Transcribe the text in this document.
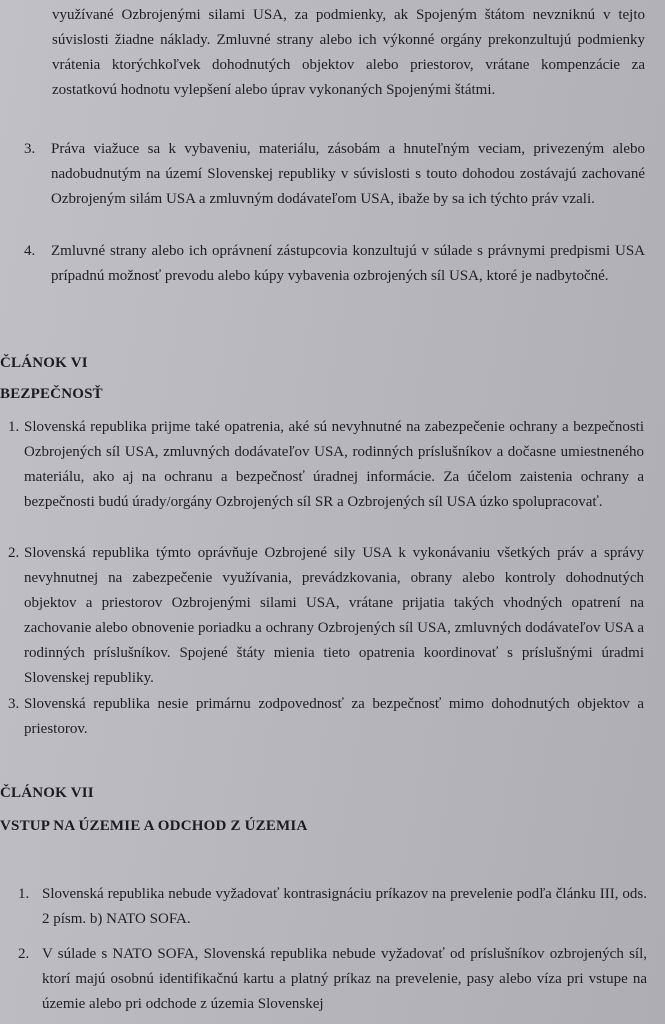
využívané Ozbrojenými silami USA, za podmienky, ak Spojeným štátom nevzniknú v tejto súvislosti žiadne náklady. Zmluvné strany alebo ich výkonné orgány prekonzultujú podmienky vrátenia ktorýchkoľvek dohodnutých objektov alebo priestorov, vrátane kompenzácie za zostatkovú hodnotu vylepšení alebo úprav vykonaných Spojenými štátmi.
3. Práva viažuce sa k vybaveniu, materiálu, zásobám a hnuteľným veciam, privezeným alebo nadobudnutým na území Slovenskej republiky v súvislosti s touto dohodou zostávajú zachované Ozbrojeným silám USA a zmluvným dodávateľom USA, ibaže by sa ich týchto práv vzali.
4. Zmluvné strany alebo ich oprávnení zástupcovia konzultujú v súlade s právnymi predpismi USA prípadnú možnosť prevodu alebo kúpy vybavenia ozbrojených síl USA, ktoré je nadbytočné.
ČLÁNOK VI
BEZPEČNOSŤ
1. Slovenská republika prijme také opatrenia, aké sú nevyhnutné na zabezpečenie ochrany a bezpečnosti Ozbrojených síl USA, zmluvných dodávateľov USA, rodinných príslušníkov a dočasne umiestneného materiálu, ako aj na ochranu a bezpečnosť úradnej informácie. Za účelom zaistenia ochrany a bezpečnosti budú úrady/orgány Ozbrojených síl SR a Ozbrojených síl USA úzko spolupracovať.
2. Slovenská republika týmto oprávňuje Ozbrojené sily USA k vykonávaniu všetkých práv a správy nevyhnutnej na zabezpečenie využívania, prevádzkovania, obrany alebo kontroly dohodnutých objektov a priestorov Ozbrojenými silami USA, vrátane prijatia takých vhodných opatrení na zachovanie alebo obnovenie poriadku a ochrany Ozbrojených síl USA, zmluvných dodávateľov USA a rodinných príslušníkov. Spojené štáty mienia tieto opatrenia koordinovať s príslušnými úradmi Slovenskej republiky.
3. Slovenská republika nesie primárnu zodpovednosť za bezpečnosť mimo dohodnutých objektov a priestorov.
ČLÁNOK VII
VSTUP NA ÚZEMIE A ODCHOD Z ÚZEMIA
1. Slovenská republika nebude vyžadovať kontrasignáciu príkazov na prevelenie podľa článku III, ods. 2 písm. b) NATO SOFA.
2. V súlade s NATO SOFA, Slovenská republika nebude vyžadovať od príslušníkov ozbrojených síl, ktorí majú osobnú identifikačnú kartu a platný príkaz na prevelenie, pasy alebo víza pri vstupe na územie alebo pri odchode z územia Slovenskej
